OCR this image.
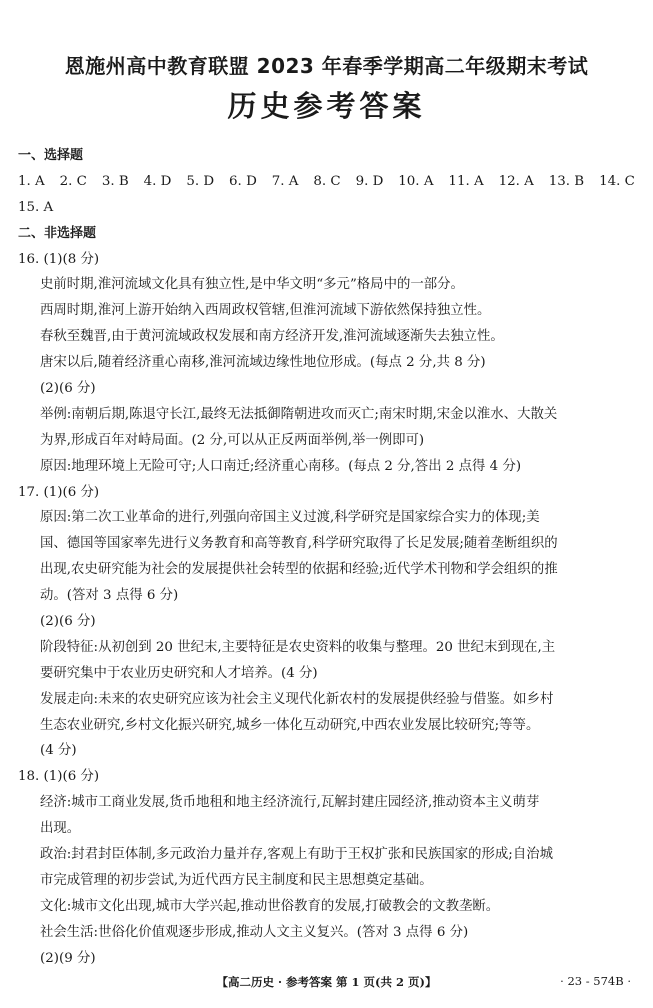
恩施州高中教育联盟 2023 年春季学期高二年级期末考试
历史参考答案
一、选择题
1. A 2. C 3. B 4. D 5. D 6. D 7. A 8. C 9. D 10. A 11. A 12. A 13. B 14. C
15. A
二、非选择题
16. (1)(8 分)
史前时期,淮河流域文化具有独立性,是中华文明“多元”格局中的一部分。
西周时期,淮河上游开始纳入西周政权管辖,但淮河流域下游依然保持独立性。
春秋至魏晋,由于黄河流域政权发展和南方经济开发,淮河流域逐渐失去独立性。
唐宋以后,随着经济重心南移,淮河流域边缘性地位形成。(每点 2 分,共 8 分)
(2)(6 分)
举例:南朝后期,陈退守长江,最终无法抵御隋朝进攻而灭亡;南宋时期,宋金以淮水、大散关
为界,形成百年对峙局面。(2 分,可以从正反两面举例,举一例即可)
原因:地理环境上无险可守;人口南迁;经济重心南移。(每点 2 分,答出 2 点得 4 分)
17. (1)(6 分)
原因:第二次工业革命的进行,列强向帝国主义过渡,科学研究是国家综合实力的体现;美
国、德国等国家率先进行义务教育和高等教育,科学研究取得了长足发展;随着垄断组织的
出现,农史研究能为社会的发展提供社会转型的依据和经验;近代学术刊物和学会组织的推
动。(答对 3 点得 6 分)
(2)(6 分)
阶段特征:从初创到 20 世纪末,主要特征是农史资料的收集与整理。20 世纪末到现在,主
要研究集中于农业历史研究和人才培养。(4 分)
发展走向:未来的农史研究应该为社会主义现代化新农村的发展提供经验与借鉴。如乡村
生态农业研究,乡村文化振兴研究,城乡一体化互动研究,中西农业发展比较研究;等等。
(4 分)
18. (1)(6 分)
经济:城市工商业发展,货币地租和地主经济流行,瓦解封建庄园经济,推动资本主义萌芽
出现。
政治:封君封臣体制,多元政治力量并存,客观上有助于王权扩张和民族国家的形成;自治城
市完成管理的初步尝试,为近代西方民主制度和民主思想奠定基础。
文化:城市文化出现,城市大学兴起,推动世俗教育的发展,打破教会的文教垄断。
社会生活:世俗化价值观逐步形成,推动人文主义复兴。(答对 3 点得 6 分)
(2)(9 分)
【高二历史 · 参考答案 第 1 页(共 2 页)】	· 23 - 574B ·
